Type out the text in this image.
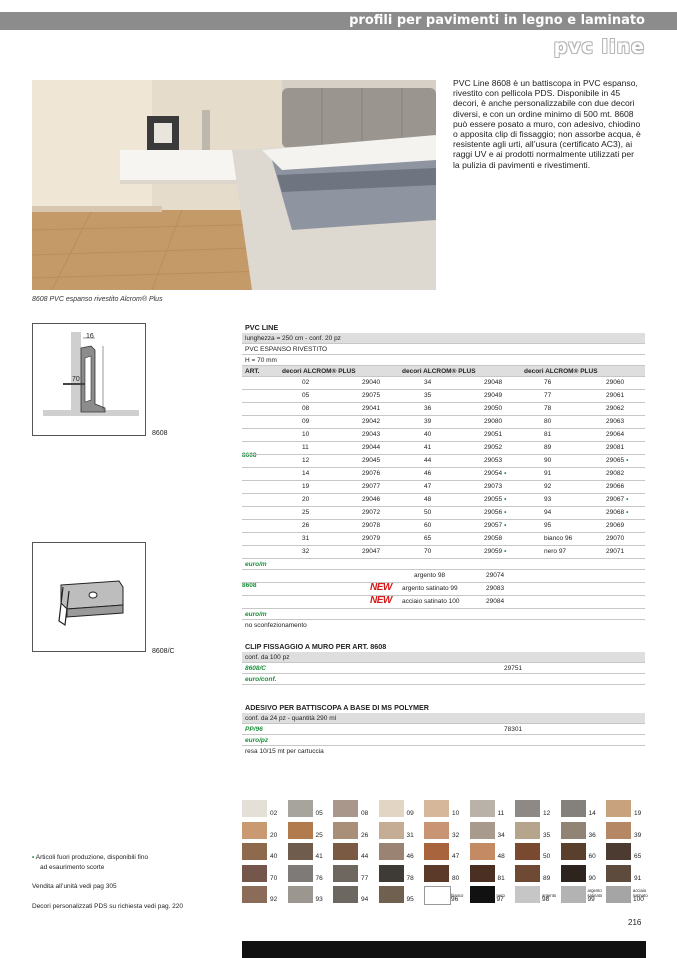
profili per pavimenti in legno e laminato
pvc line
8608 PVC espanso rivestito Alcrom® Plus
PVC Line 8608 è un battiscopa in PVC espanso, rivestito con pellicola PDS. Disponibile in 45 decori, è anche personalizzabile con due decori diversi, e con un ordine minimo di 500 mt. 8608 può essere posato a muro, con adesivo, chiodino o apposita clip di fissaggio; non assorbe acqua, è resistente agli urti, all’usura (certificato AC3), ai raggi UV e ai prodotti normalmente utilizzati per la pulizia di pavimenti e rivestimenti.
16
70
8608
8608/C
PVC LINE
lunghezza = 250 cm - conf. 20 pz
PVC ESPANSO RIVESTITO
H = 70 mm
ART.	decori ALCROM® PLUS	decori ALCROM® PLUS	decori ALCROM® PLUS
8608
02	29040	34	29048	76	29060
05	29075	35	29049	77	29061
08	29041	36	29050	78	29062
09	29042	39	29080	80	29063
10	29043	40	29051	81	29064
11	29044	41	29052	89	29081
12	29045	44	29053	90	29065 •
14	29076	46	29054 •	91	29082
19	29077	47	29073	92	29066
20	29046	48	29055 •	93	29067 •
25	29072	50	29056 •	94	29068 •
26	29078	60	29057 •	95	29069
31	29079	65	29058	bianco 96	29070
32	29047	70	29059 •	nero 97	29071
euro/m
8608
argento 98	29074
NEW argento satinato 99	29083
NEW acciaio satinato 100	29084
euro/m
no sconfezionamento
CLIP FISSAGGIO A MURO PER ART. 8608
conf. da 100 pz
8608/C	29751
euro/conf.
ADESIVO PER BATTISCOPA A BASE DI MS POLYMER
conf. da 24 pz - quantità 290 ml
PP/96	78301
euro/pz
resa 10/15 mt per cartuccia
02	05	08	09	10	11	12	14	19
20	25	26	31	32	34	35	36	39
40	41	44	46	47	48	50	60	65
70	76	77	78	80	81	89	90	91
92	93	94	95
bianco
96
nero
97
argento
98
argento satinato
99
acciaio satinato
100
• Articoli fuori produzione, disponibili fino
ad esaurimento scorte
Vendita all’unità vedi pag 305
Decori personalizzati PDS su richiesta vedi pag. 220
216
